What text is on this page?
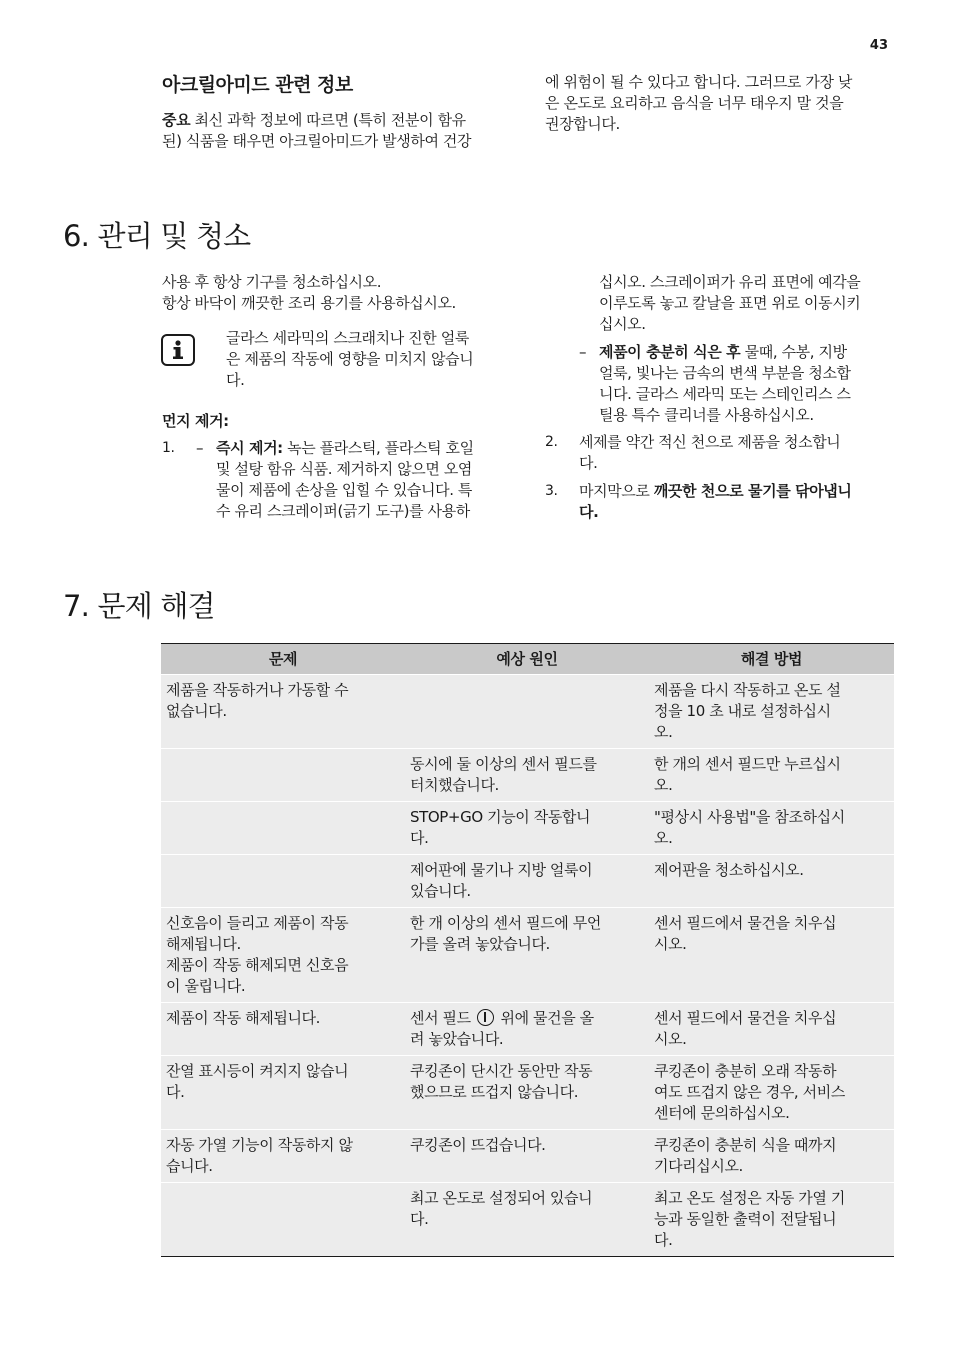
43
아크릴아미드 관련 정보
중요 최신 과학 정보에 따르면 (특히 전분이 함유
된) 식품을 태우면 아크릴아미드가 발생하여 건강
에 위험이 될 수 있다고 합니다. 그러므로 가장 낮
은 온도로 요리하고 음식을 너무 태우지 말 것을
권장합니다.
6. 관리 및 청소
사용 후 항상 기구를 청소하십시오.
항상 바닥이 깨끗한 조리 용기를 사용하십시오.
글라스 세라믹의 스크래치나 진한 얼룩
은 제품의 작동에 영향을 미치지 않습니
다.
먼지 제거:
1. – 즉시 제거: 녹는 플라스틱, 플라스틱 호일
및 설탕 함유 식품. 제거하지 않으면 오염
물이 제품에 손상을 입힐 수 있습니다. 특
수 유리 스크레이퍼(긁기 도구)를 사용하
십시오. 스크레이퍼가 유리 표면에 예각을
이루도록 놓고 칼날을 표면 위로 이동시키
십시오.
– 제품이 충분히 식은 후 물때, 수봉, 지방
얼룩, 빛나는 금속의 변색 부분을 청소합
니다. 글라스 세라믹 또는 스테인리스 스
틸용 특수 클리너를 사용하십시오.
2. 세제를 약간 적신 천으로 제품을 청소합니
다.
3. 마지막으로 깨끗한 천으로 물기를 닦아냅니
다.
7. 문제 해결
문제	예상 원인	해결 방법

제품을 작동하거나 가동할 수
없습니다.		제품을 다시 작동하고 온도 설
정을 10 초 내로 설정하십시
오.

	동시에 둘 이상의 센서 필드를
터치했습니다.	한 개의 센서 필드만 누르십시
오.

	STOP+GO 기능이 작동합니
다.	"평상시 사용법"을 참조하십시
오.

	제어판에 물기나 지방 얼룩이
있습니다.	제어판을 청소하십시오.

신호음이 들리고 제품이 작동
해제됩니다.
제품이 작동 해제되면 신호음
이 울립니다.	한 개 이상의 센서 필드에 무언
가를 올려 놓았습니다.	센서 필드에서 물건을 치우십
시오.

제품이 작동 해제됩니다.	센서 필드  위에 물건을 올
려 놓았습니다.	센서 필드에서 물건을 치우십
시오.

잔열 표시등이 켜지지 않습니
다.	쿠킹존이 단시간 동안만 작동
했으므로 뜨겁지 않습니다.	쿠킹존이 충분히 오래 작동하
여도 뜨겁지 않은 경우, 서비스
센터에 문의하십시오.

자동 가열 기능이 작동하지 않
습니다.	쿠킹존이 뜨겁습니다.	쿠킹존이 충분히 식을 때까지
기다리십시오.

	최고 온도로 설정되어 있습니
다.	최고 온도 설정은 자동 가열 기
능과 동일한 출력이 전달됩니
다.
